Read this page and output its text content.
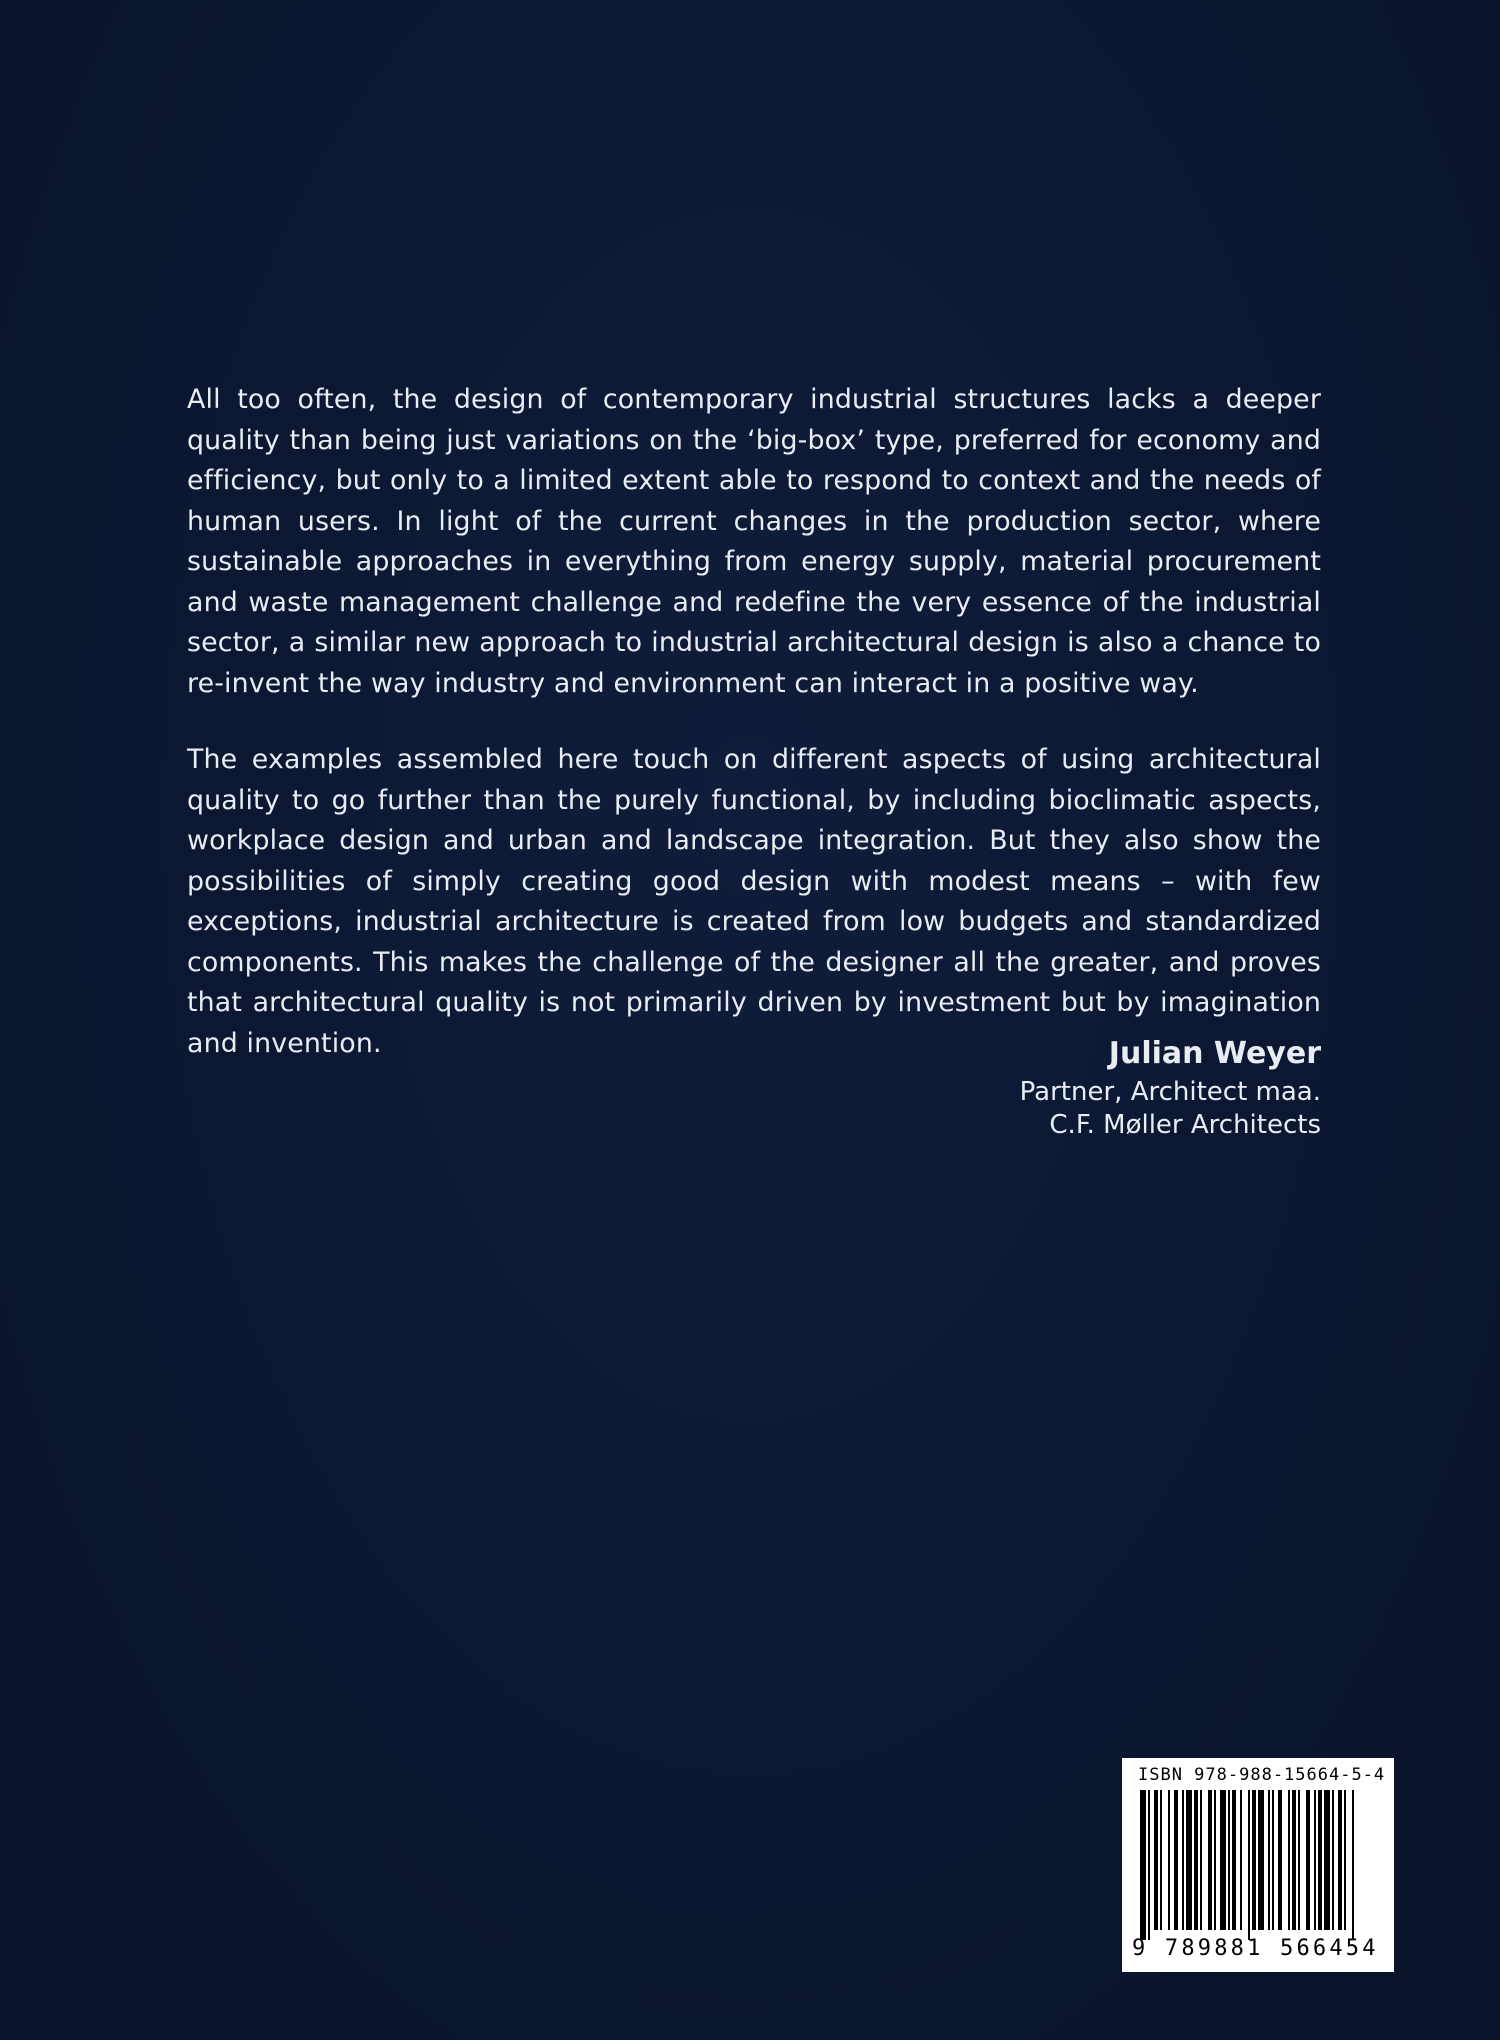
All too often, the design of contemporary industrial structures lacks a deeper quality than being just variations on the ‘big-box’ type, preferred for economy and efficiency, but only to a limited extent able to respond to context and the needs of human users. In light of the current changes in the production sector, where sustainable approaches in everything from energy supply, material procurement and waste management challenge and redefine the very essence of the industrial sector, a similar new approach to industrial architectural design is also a chance to re-invent the way industry and environment can interact in a positive way.

The examples assembled here touch on different aspects of using architectural quality to go further than the purely functional, by including bioclimatic aspects, workplace design and urban and landscape integration. But they also show the possibilities of simply creating good design with modest means – with few exceptions, industrial architecture is created from low budgets and standardized components. This makes the challenge of the designer all the greater, and proves that architectural quality is not primarily driven by investment but by imagination and invention.	Julian Weyer

Partner, Architect maa.

C.F. Møller Architects

ISBN 978-988-15664-5-4
9 789881 566454
